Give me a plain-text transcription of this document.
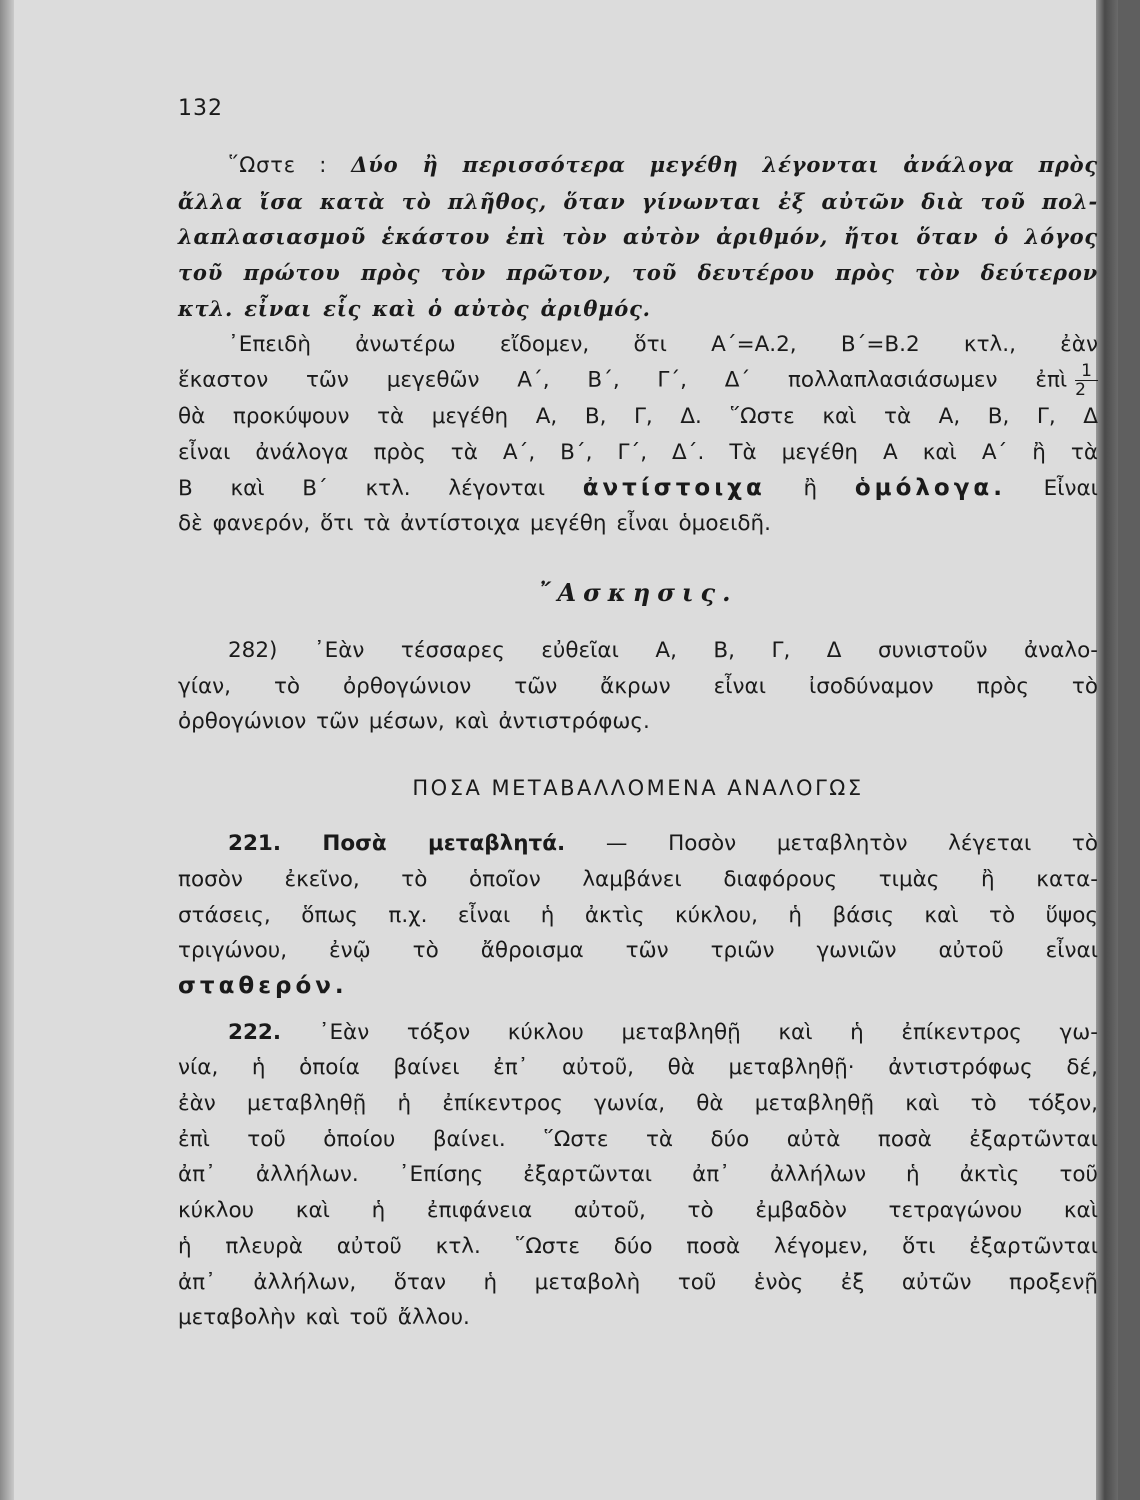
132
῞Ωστε : Δύο ἢ περισσότερα μεγέθη λέγονται ἀνάλογα πρὸς
ἄλλα ἴσα κατὰ τὸ πλῆθος, ὅταν γίνωνται ἐξ αὐτῶν διὰ τοῦ πολ-
λαπλασιασμοῦ ἑκάστου ἐπὶ τὸν αὐτὸν ἀριθμόν, ἤτοι ὅταν ὁ λόγος
τοῦ πρώτου πρὸς τὸν πρῶτον, τοῦ δευτέρου πρὸς τὸν δεύτερον
κτλ. εἶναι εἷς καὶ ὁ αὐτὸς ἀριθμός.
᾿Επειδὴ ἀνωτέρω εἴδομεν, ὅτι Α΄=Α.2, Β΄=Β.2 κτλ., ἐὰν
ἕκαστον τῶν μεγεθῶν Α΄, Β΄, Γ΄, Δ΄ πολλαπλασιάσωμεν ἐπὶ $\frac{1}{2}$
θὰ προκύψουν τὰ μεγέθη Α, Β, Γ, Δ. ῞Ωστε καὶ τὰ Α, Β, Γ, Δ
εἶναι ἀνάλογα πρὸς τὰ Α΄, Β΄, Γ΄, Δ΄. Τὰ μεγέθη Α καὶ Α΄ ἢ τὰ
Β καὶ Β΄ κτλ. λέγονται ἀντίστοιχα ἢ ὁμόλογα. Εἶναι
δὲ φανερόν, ὅτι τὰ ἀντίστοιχα μεγέθη εἶναι ὁμοειδῆ.
῎Ασκησις.
282) ᾿Εὰν τέσσαρες εὐθεῖαι Α, Β, Γ, Δ συνιστοῦν ἀναλο-
γίαν, τὸ ὀρθογώνιον τῶν ἄκρων εἶναι ἰσοδύναμον πρὸς τὸ
ὀρθογώνιον τῶν μέσων, καὶ ἀντιστρόφως.
ΠΟΣΑ ΜΕΤΑΒΑΛΛΟΜΕΝΑ ΑΝΑΛΟΓΩΣ
221. Ποσὰ μεταβλητά. — Ποσὸν μεταβλητὸν λέγεται τὸ
ποσὸν ἐκεῖνο, τὸ ὁποῖον λαμβάνει διαφόρους τιμὰς ἢ κατα-
στάσεις, ὅπως π.χ. εἶναι ἡ ἀκτὶς κύκλου, ἡ βάσις καὶ τὸ ὕψος
τριγώνου, ἐνῷ τὸ ἄθροισμα τῶν τριῶν γωνιῶν αὐτοῦ εἶναι
σταθερόν.
222. ᾿Εὰν τόξον κύκλου μεταβληθῇ καὶ ἡ ἐπίκεντρος γω-
νία, ἡ ὁποία βαίνει ἐπ᾿ αὐτοῦ, θὰ μεταβληθῇ· ἀντιστρόφως δέ,
ἐὰν μεταβληθῇ ἡ ἐπίκεντρος γωνία, θὰ μεταβληθῇ καὶ τὸ τόξον,
ἐπὶ τοῦ ὁποίου βαίνει. ῞Ωστε τὰ δύο αὐτὰ ποσὰ ἐξαρτῶνται
ἀπ᾿ ἀλλήλων. ᾿Επίσης ἐξαρτῶνται ἀπ᾿ ἀλλήλων ἡ ἀκτὶς τοῦ
κύκλου καὶ ἡ ἐπιφάνεια αὐτοῦ, τὸ ἐμβαδὸν τετραγώνου καὶ
ἡ πλευρὰ αὐτοῦ κτλ. ῞Ωστε δύο ποσὰ λέγομεν, ὅτι ἐξαρτῶνται
ἀπ᾿ ἀλλήλων, ὅταν ἡ μεταβολὴ τοῦ ἑνὸς ἐξ αὐτῶν προξενῇ
μεταβολὴν καὶ τοῦ ἄλλου.
